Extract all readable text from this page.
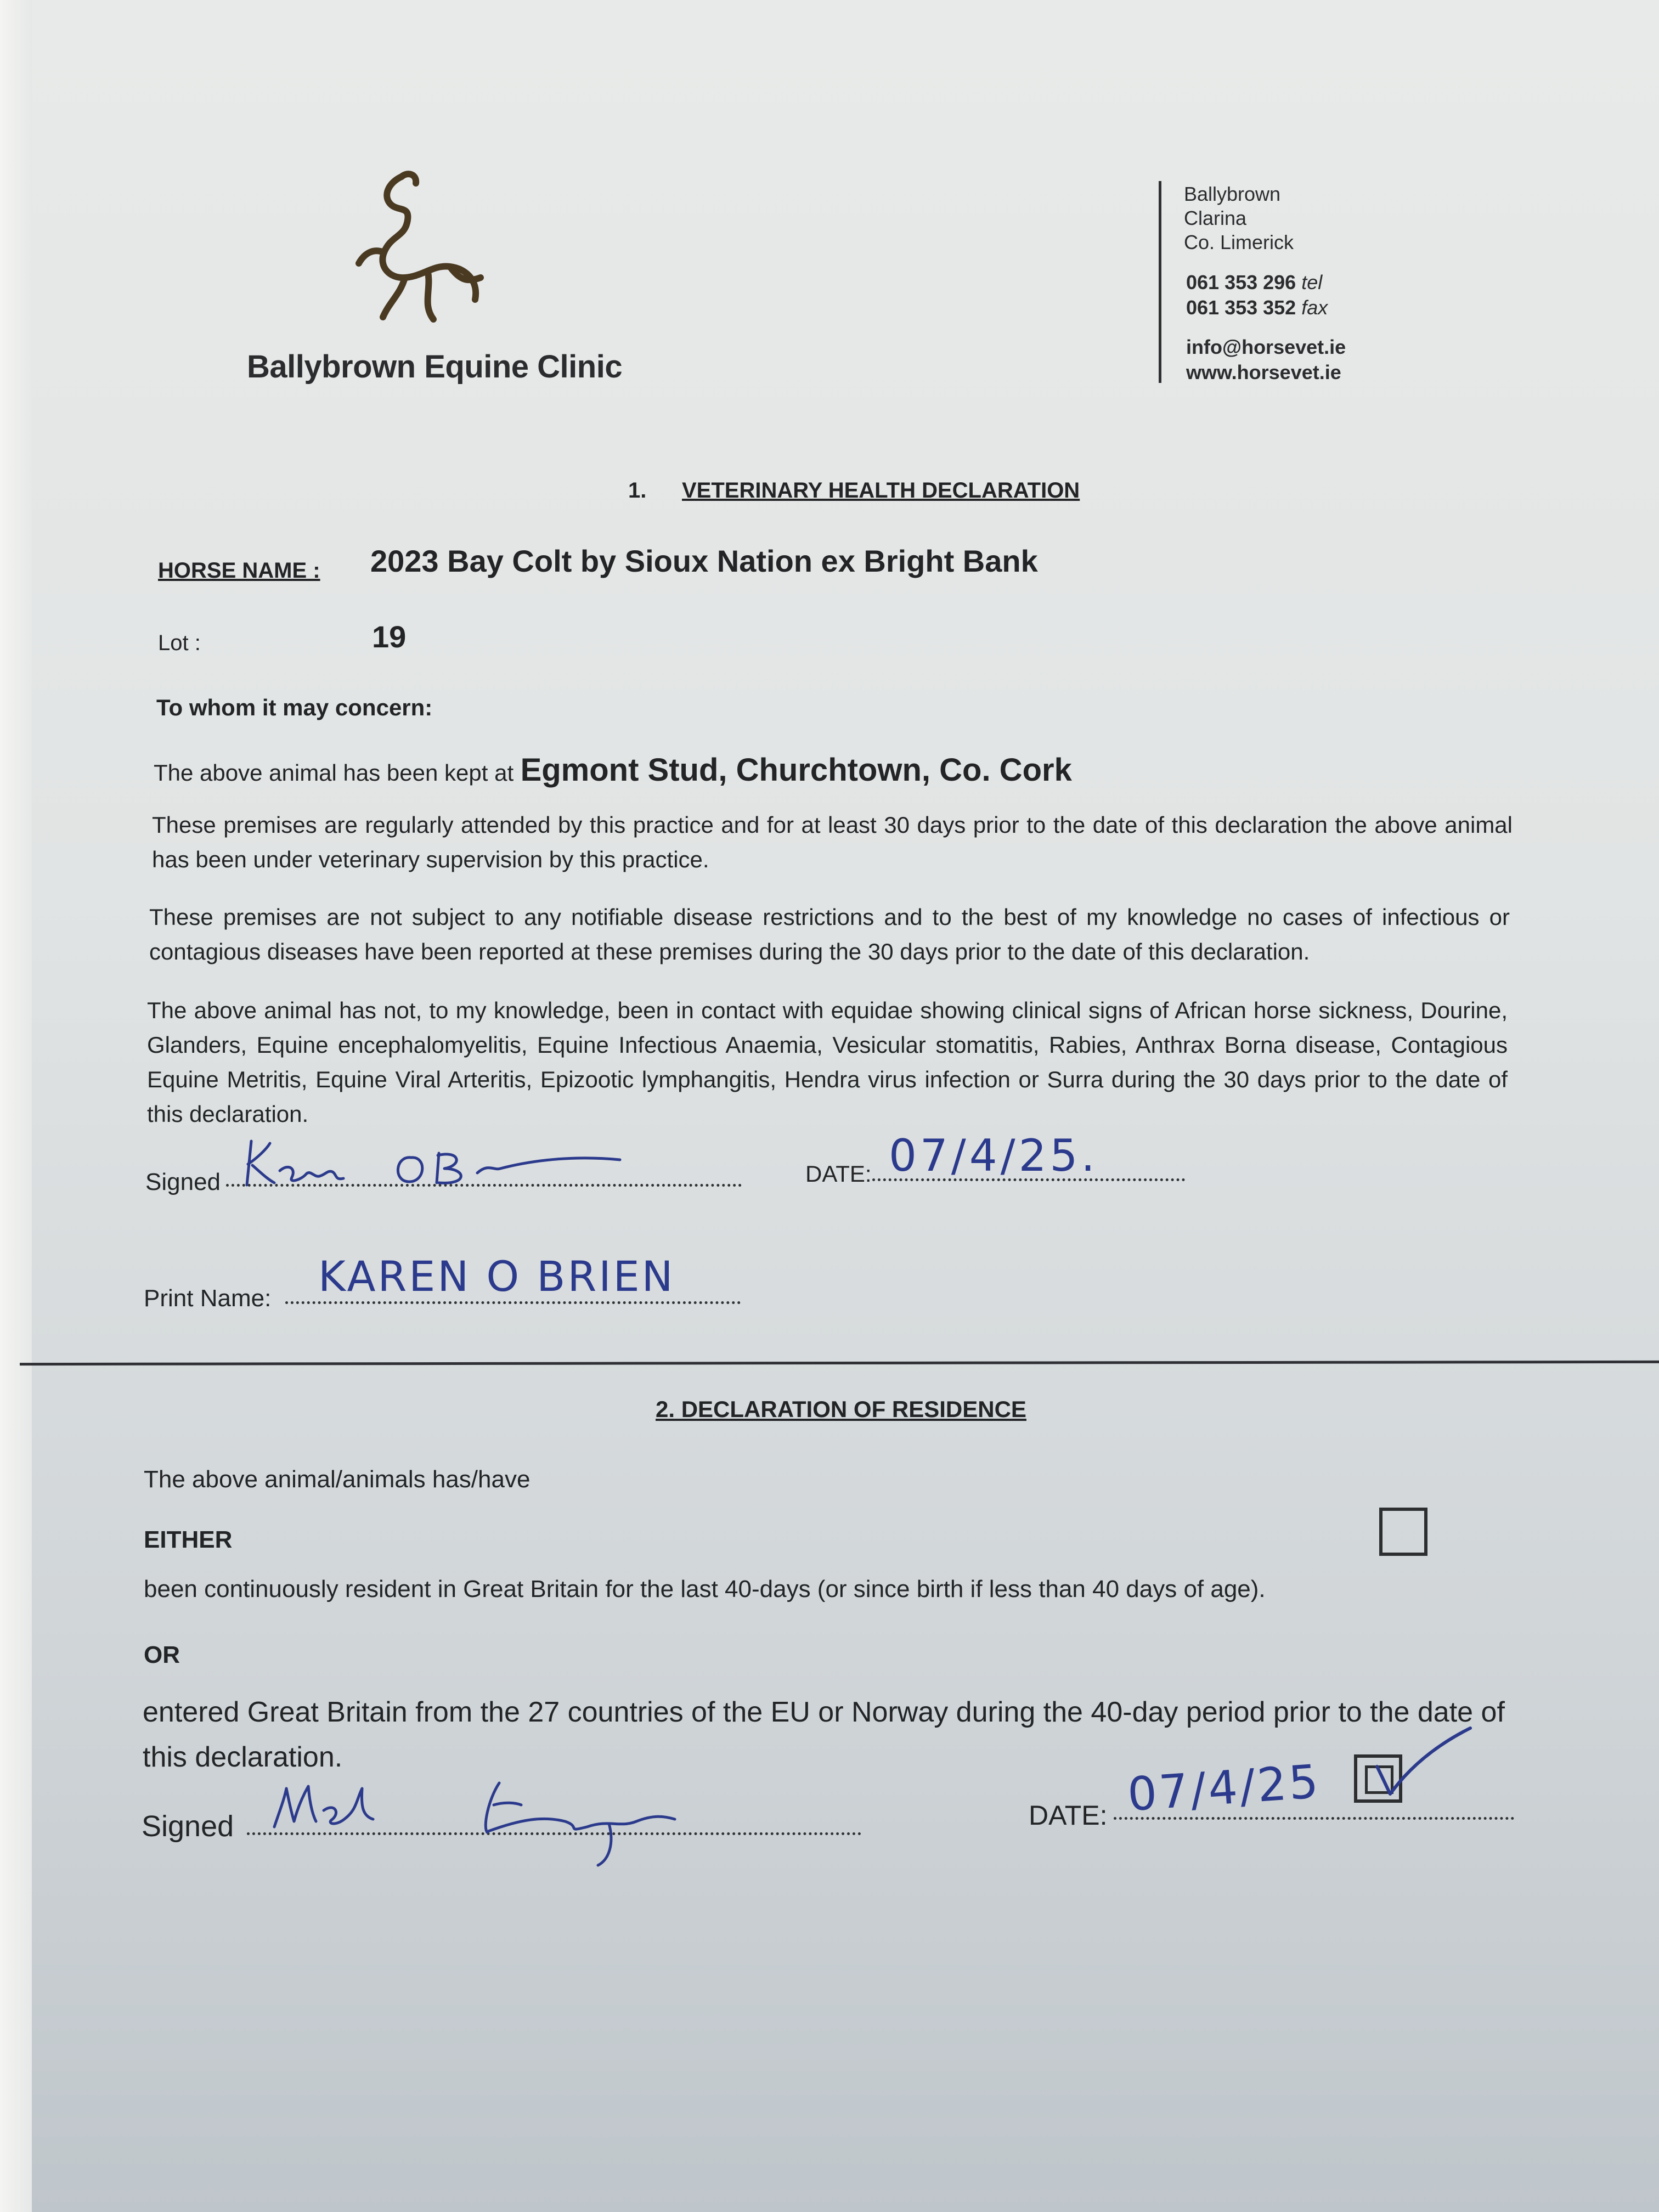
Ballybrown Equine Clinic
Ballybrown
Clarina
Co. Limerick
061 353 296 tel
061 353 352 fax
info@horsevet.ie
www.horsevet.ie
1. VETERINARY HEALTH DECLARATION
HORSE NAME : 2023 Bay Colt by Sioux Nation ex Bright Bank
Lot :	19
To whom it may concern:
The above animal has been kept at Egmont Stud, Churchtown, Co. Cork
These premises are regularly attended by this practice and for at least 30 days prior to the date of this declaration the above animal has been under veterinary supervision by this practice.
These premises are not subject to any notifiable disease restrictions and to the best of my knowledge no cases of infectious or contagious diseases have been reported at these premises during the 30 days prior to the date of this declaration.
The above animal has not, to my knowledge, been in contact with equidae showing clinical signs of African horse sickness, Dourine, Glanders, Equine encephalomyelitis, Equine Infectious Anaemia, Vesicular stomatitis, Rabies, Anthrax Borna disease, Contagious Equine Metritis, Equine Viral Arteritis, Epizootic lymphangitis, Hendra virus infection or Surra during the 30 days prior to the date of this declaration.
Signed	DATE: 07/4/25.
Print Name: KAREN O BRIEN
2. DECLARATION OF RESIDENCE
The above animal/animals has/have
EITHER
been continuously resident in Great Britain for the last 40-days (or since birth if less than 40 days of age).
OR
entered Great Britain from the 27 countries of the EU or Norway during the 40-day period prior to the date of this declaration.
Signed	DATE: 07/4/25
